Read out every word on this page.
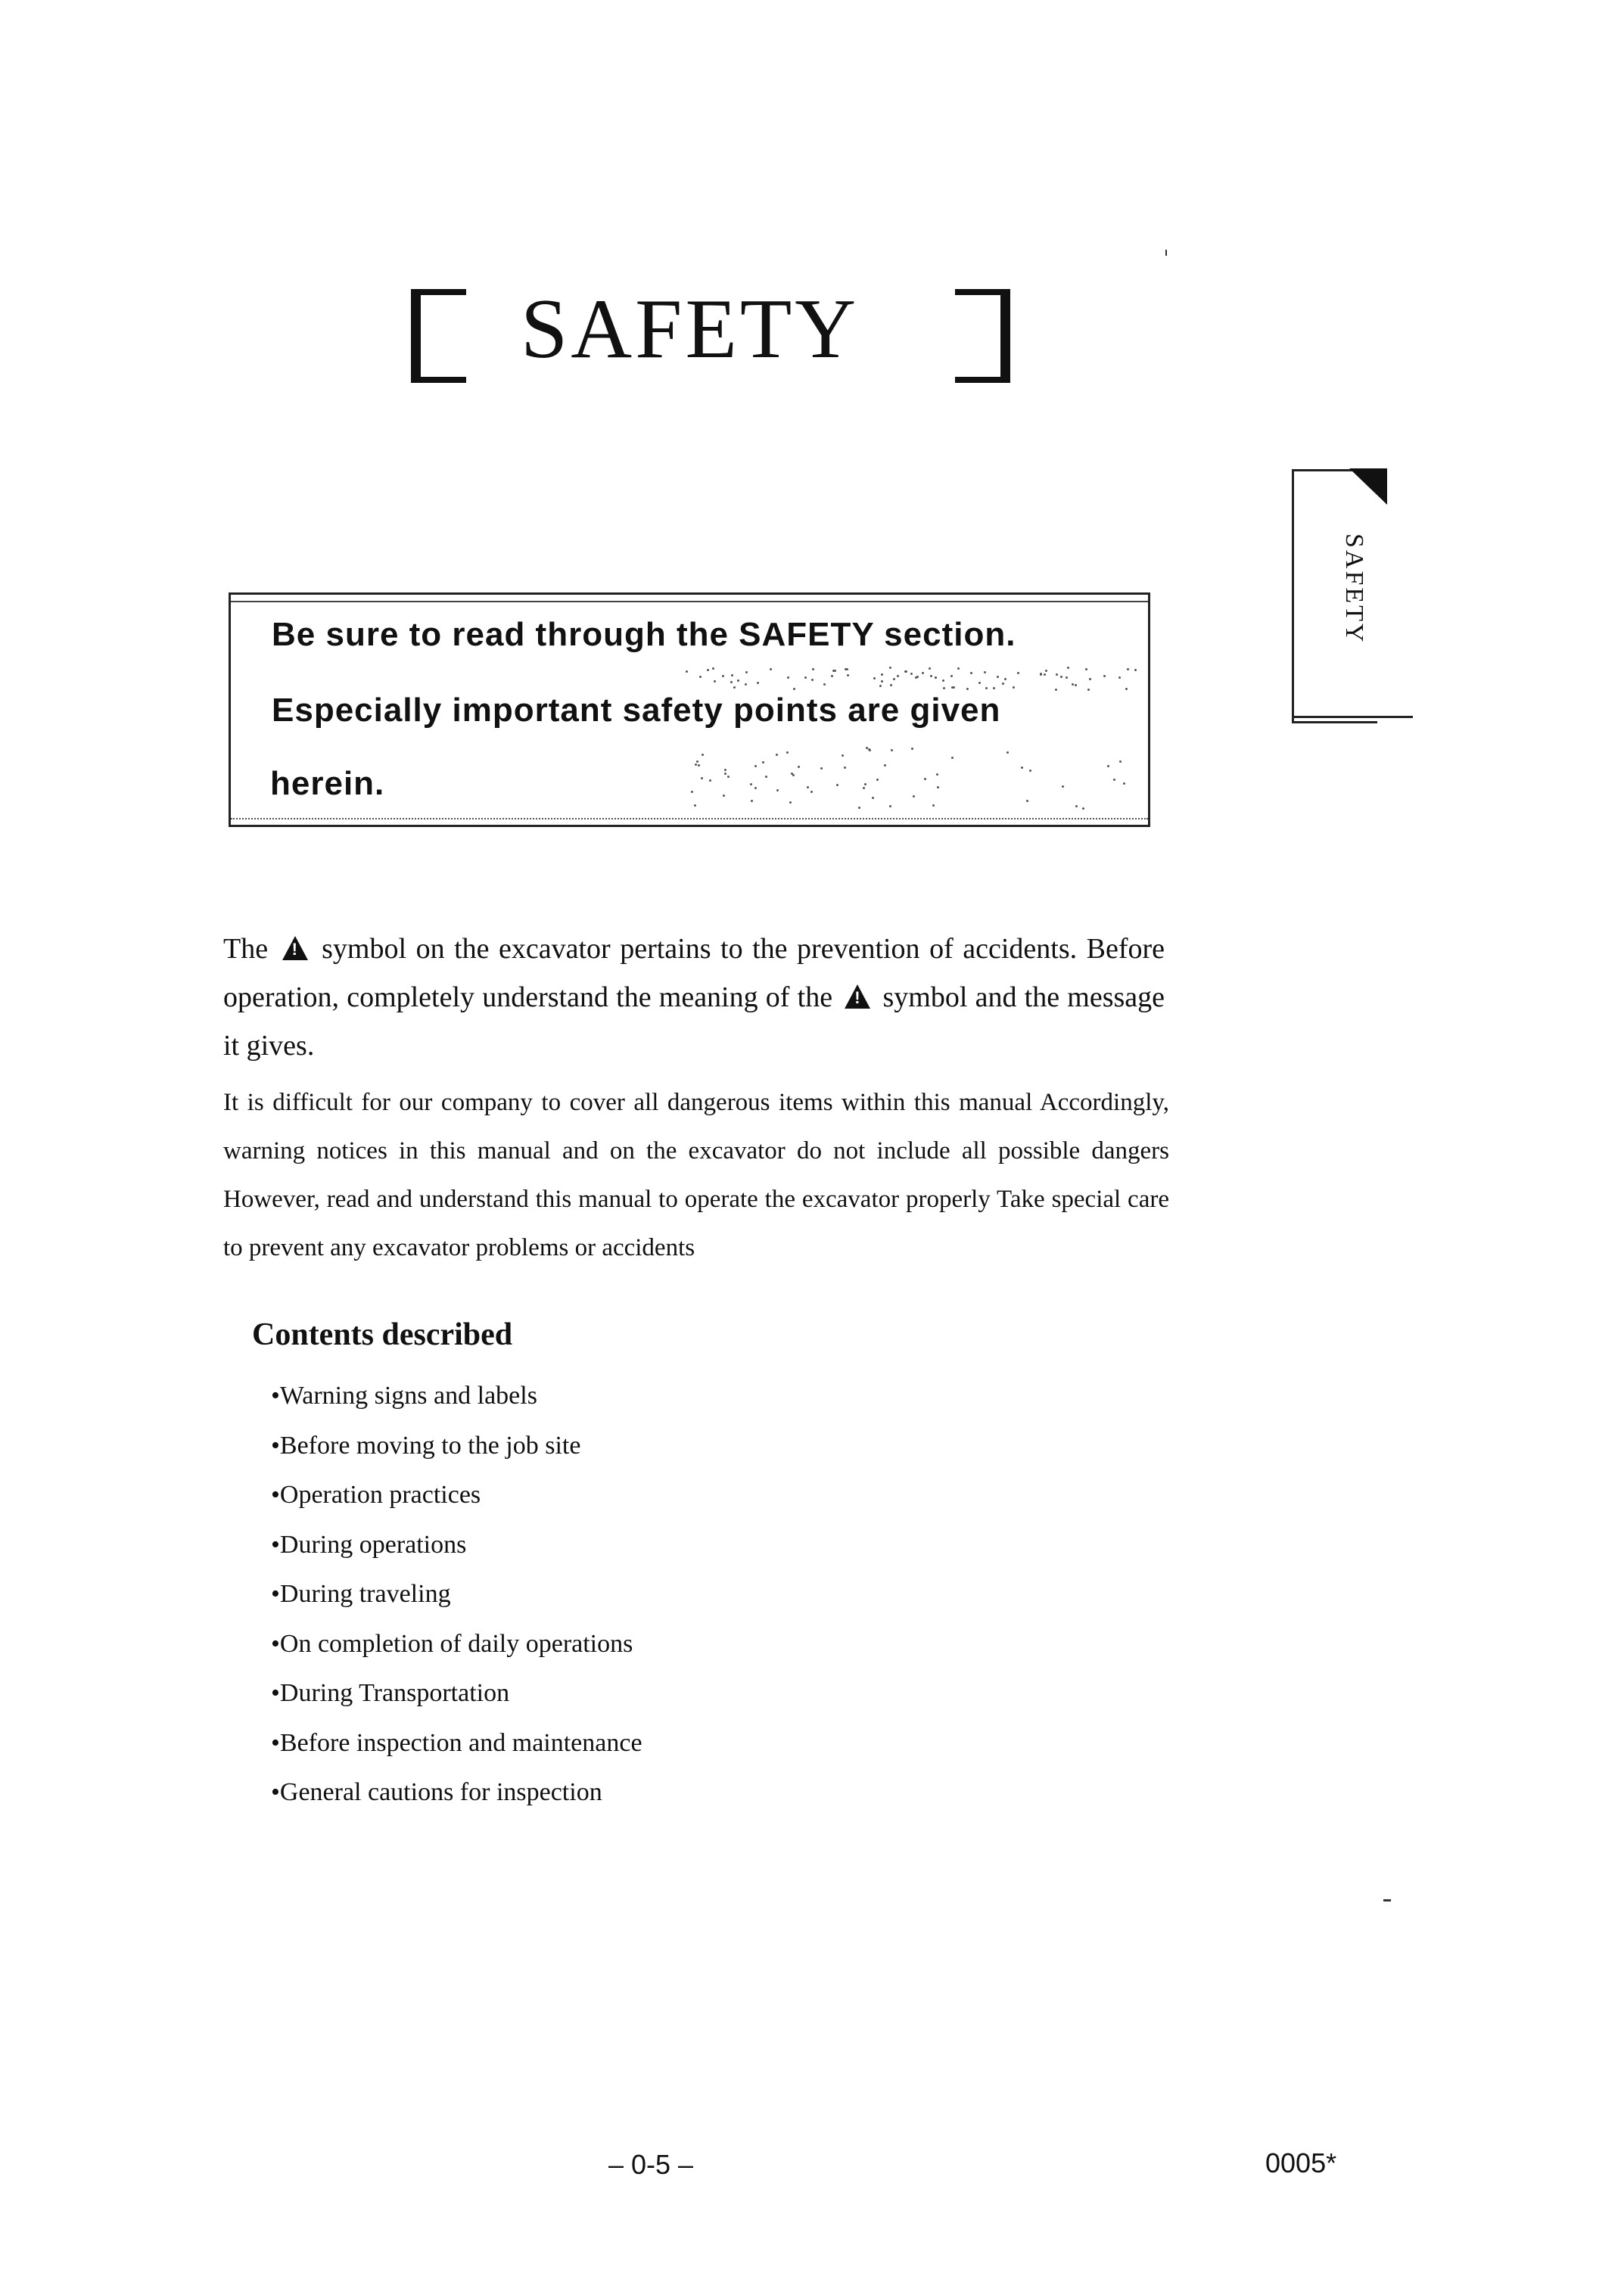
SAFETY
SAFETY
Be sure to read through the SAFETY section.
Especially important safety points are given
herein.
The ! symbol on the excavator pertains to the prevention of accidents. Before operation, completely understand the meaning of the ! symbol and the message it gives.
It is difficult for our company to cover all dangerous items within this manual Accordingly, warning notices in this manual and on the excavator do not include all possible dangers However, read and understand this manual to operate the excavator properly Take special care to prevent any excavator problems or accidents
Contents described
•Warning signs and labels
•Before moving to the job site
•Operation practices
•During operations
•During traveling
•On completion of daily operations
•During Transportation
•Before inspection and maintenance
•General cautions for inspection
– 0-5 –	0005*
